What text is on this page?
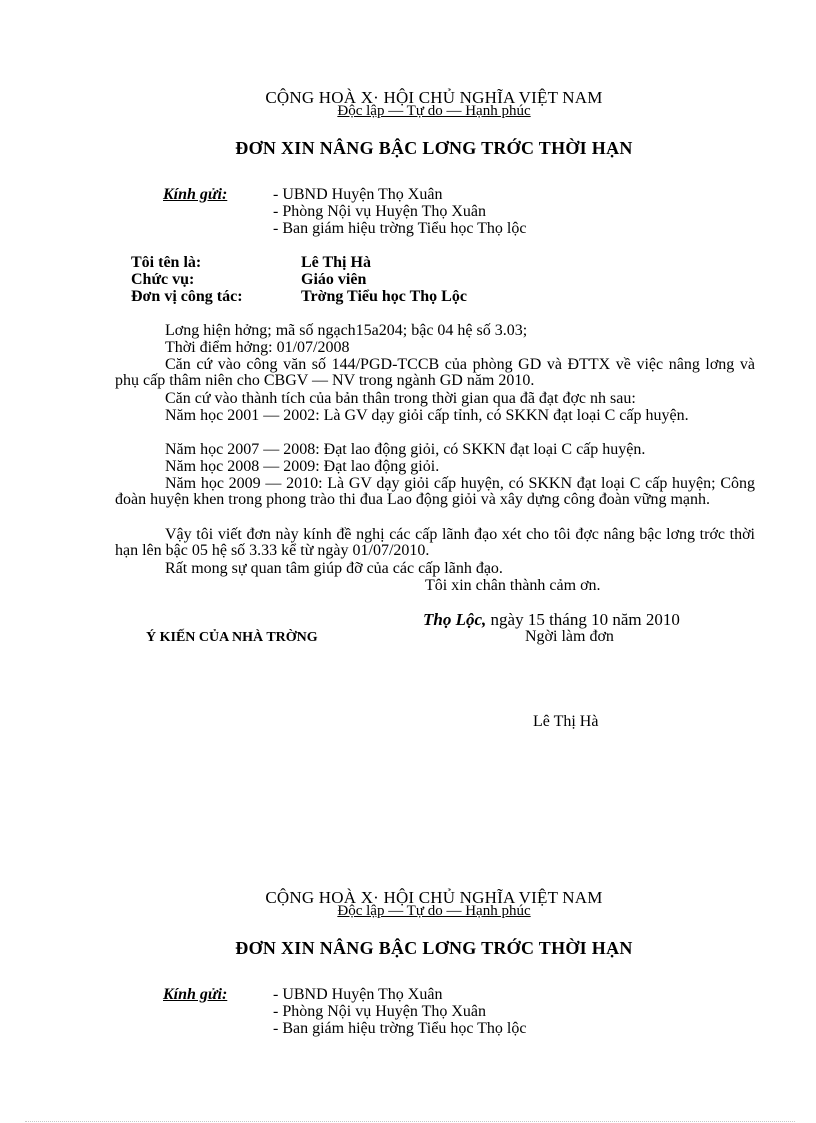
CỘNG HOÀ X· HỘI CHỦ NGHĨA VIỆT NAM
Độc lập — Tự do — Hạnh phúc
ĐƠN XIN NÂNG BẬC LƠNG TRỚC THỜI HẠN
Kính gửi:	- UBND Huyện Thọ Xuân
- Phòng Nội vụ Huyện Thọ Xuân
- Ban giám hiệu trờng Tiểu học Thọ lộc
Tôi tên là:	Lê Thị Hà
Chức vụ:	Giáo viên
Đơn vị công tác:	Trờng Tiểu học Thọ Lộc
Lơng hiện hởng; mã số ngạch15a204; bậc 04 hệ số 3.03;
Thời điểm hởng: 01/07/2008
Căn cứ vào công văn số 144/PGD-TCCB của phòng GD và ĐTTX về việc nâng lơng và phụ cấp thâm niên cho CBGV — NV trong ngành GD năm 2010.
Căn cứ vào thành tích của bản thân trong thời gian qua đã đạt đợc nh sau:
Năm học 2001 — 2002: Là GV dạy giỏi cấp tỉnh, có SKKN đạt loại C cấp huyện.
Năm học 2007 — 2008: Đạt lao động giỏi, có SKKN đạt loại C cấp huyện.
Năm học 2008 — 2009: Đạt lao động giỏi.
Năm học 2009 — 2010: Là GV dạy giỏi cấp huyện, có SKKN đạt loại C cấp huyện; Công đoàn huyện khen trong phong trào thi đua Lao động giỏi và xây dựng công đoàn vững mạnh.
Vậy tôi viết đơn này kính đề nghị các cấp lãnh đạo xét cho tôi đợc nâng bậc lơng trớc thời hạn lên bậc 05 hệ số 3.33 kể từ ngày 01/07/2010.
Rất mong sự quan tâm giúp đỡ của các cấp lãnh đạo.
Tôi xin chân thành cảm ơn.
Thọ Lộc, ngày 15 tháng 10 năm 2010
Ý KIẾN CỦA NHÀ TRỜNG	Ngời làm đơn
Lê Thị Hà
CỘNG HOÀ X· HỘI CHỦ NGHĨA VIỆT NAM
Độc lập — Tự do — Hạnh phúc
ĐƠN XIN NÂNG BẬC LƠNG TRỚC THỜI HẠN
Kính gửi:	- UBND Huyện Thọ Xuân
- Phòng Nội vụ Huyện Thọ Xuân
- Ban giám hiệu trờng Tiểu học Thọ lộc
